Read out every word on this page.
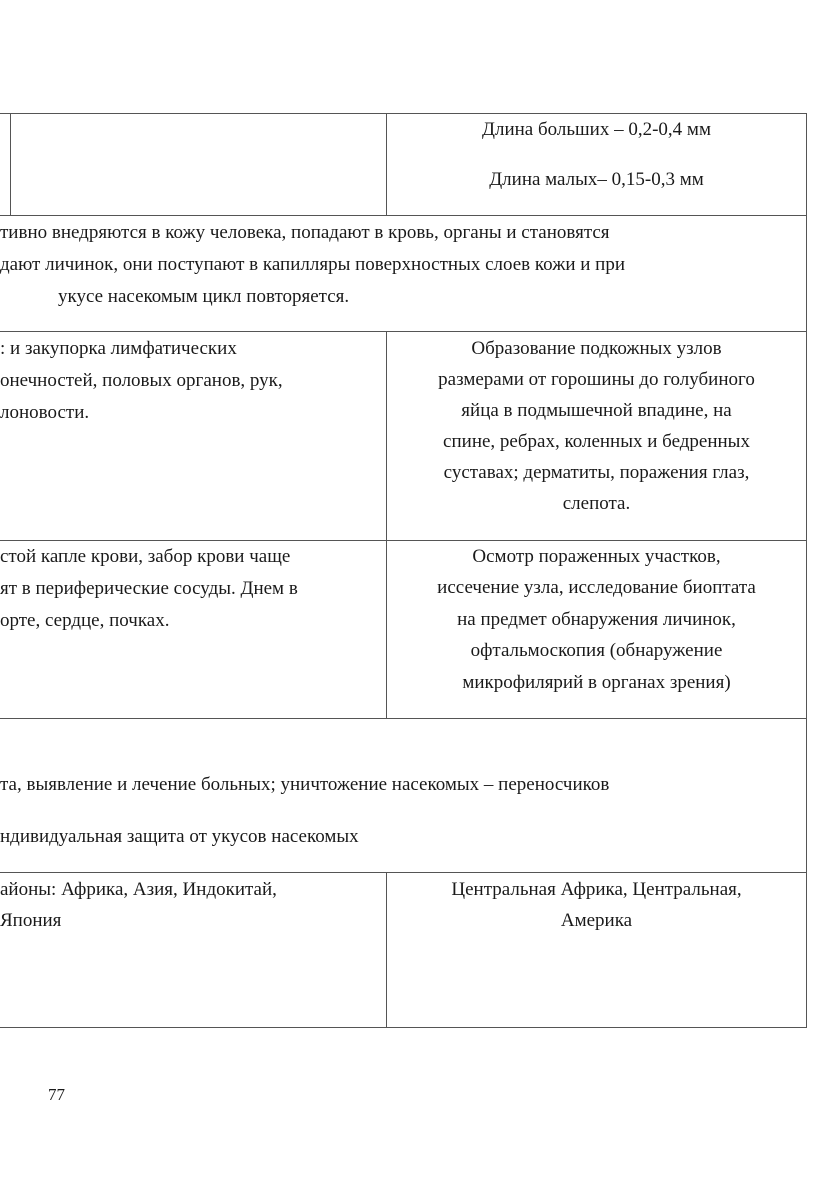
Длина больших – 0,2-0,4 мм

Длина малых– 0,15-0,3 мм

тивно внедряются в кожу человека, попадают в кровь, органы и становятся

дают личинок, они поступают в капилляры поверхностных слоев кожи и при

укусе насекомым цикл повторяется.

: и закупорка лимфатических

онечностей, половых органов, рук,

лоновости.

Образование подкожных узлов

размерами от горошины до голубиного

яйца в подмышечной впадине, на

спине, ребрах, коленных и бедренных

суставах; дерматиты, поражения глаз,

слепота.

стой капле крови, забор крови чаще

ят в периферические сосуды. Днем в

орте, сердце, почках.

Осмотр пораженных участков,

иссечение узла, исследование биоптата

на предмет обнаружения личинок,

офтальмоскопия (обнаружение

микрофилярий в органах зрения)

та, выявление и лечение больных; уничтожение насекомых – переносчиков

ндивидуальная защита от укусов насекомых

айоны: Африка, Азия, Индокитай,

Япония

Центральная Африка, Центральная,

Америка

77
